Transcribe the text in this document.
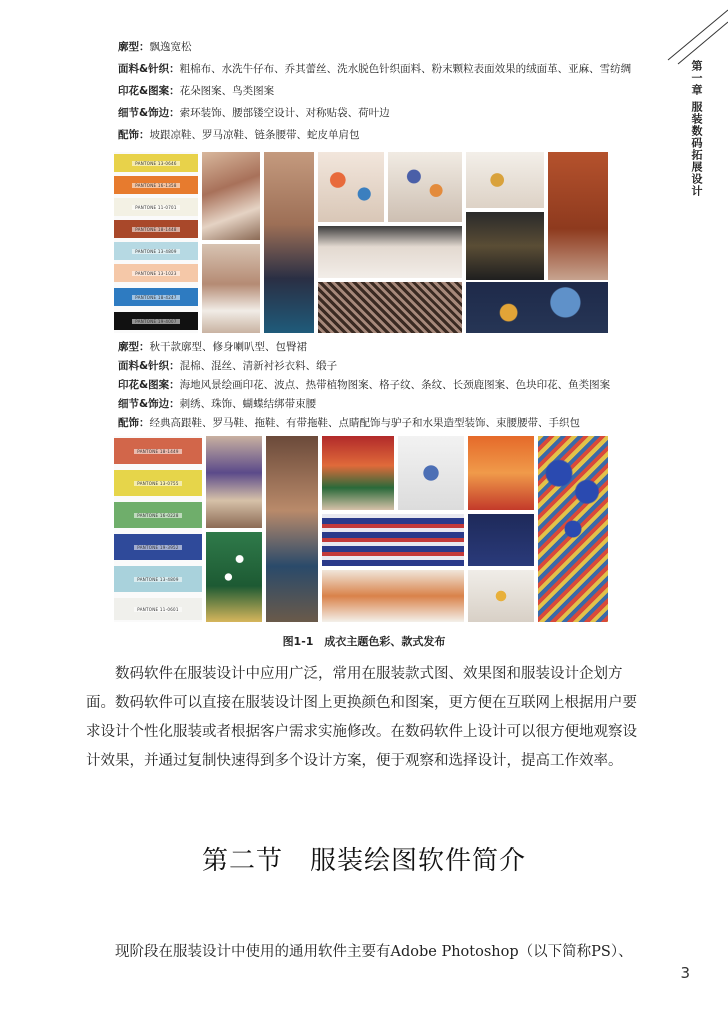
第一章 服装数码拓展设计
廓型：飘逸宽松
面料&针织：粗棉布、水洗牛仔布、乔其蕾丝、洗水脱色针织面料、粉末颗粒表面效果的绒面革、亚麻、雪纺绸
印花&图案：花朵图案、鸟类图案
细节&饰边：索环装饰、腰部镂空设计、对称贴袋、荷叶边
配饰：坡跟凉鞋、罗马凉鞋、链条腰带、蛇皮单肩包
PANTONE 13-0646
PANTONE 16-1358
PANTONE 11-0701
PANTONE 18-1448
PANTONE 13-4809
PANTONE 13-1023
PANTONE 18-4247
PANTONE 19-4007
廓型：秋干款廓型、修身喇叭型、包臀裙
面料&针织：混棉、混丝、清新衬衫衣料、缎子
印花&图案：海地风景绘画印花、波点、热带植物图案、格子纹、条纹、长颈鹿图案、色块印花、鱼类图案
细节&饰边：刺绣、珠饰、蝴蝶结绑带束腰
配饰：经典高跟鞋、罗马鞋、拖鞋、有带拖鞋、点睛配饰与驴子和水果造型装饰、束腰腰带、手织包
PANTONE 18-1449
PANTONE 13-0755
PANTONE 16-0228
PANTONE 19-3952
PANTONE 13-4809
PANTONE 11-0601
图1-1　成衣主题色彩、款式发布
数码软件在服装设计中应用广泛，常用在服装款式图、效果图和服装设计企划方面。数码软件可以直接在服装设计图上更换颜色和图案，更方便在互联网上根据用户要求设计个性化服装或者根据客户需求实施修改。在数码软件上设计可以很方便地观察设计效果，并通过复制快速得到多个设计方案，便于观察和选择设计，提高工作效率。
第二节　服装绘图软件简介
现阶段在服装设计中使用的通用软件主要有Adobe Photoshop（以下简称PS）、
3
